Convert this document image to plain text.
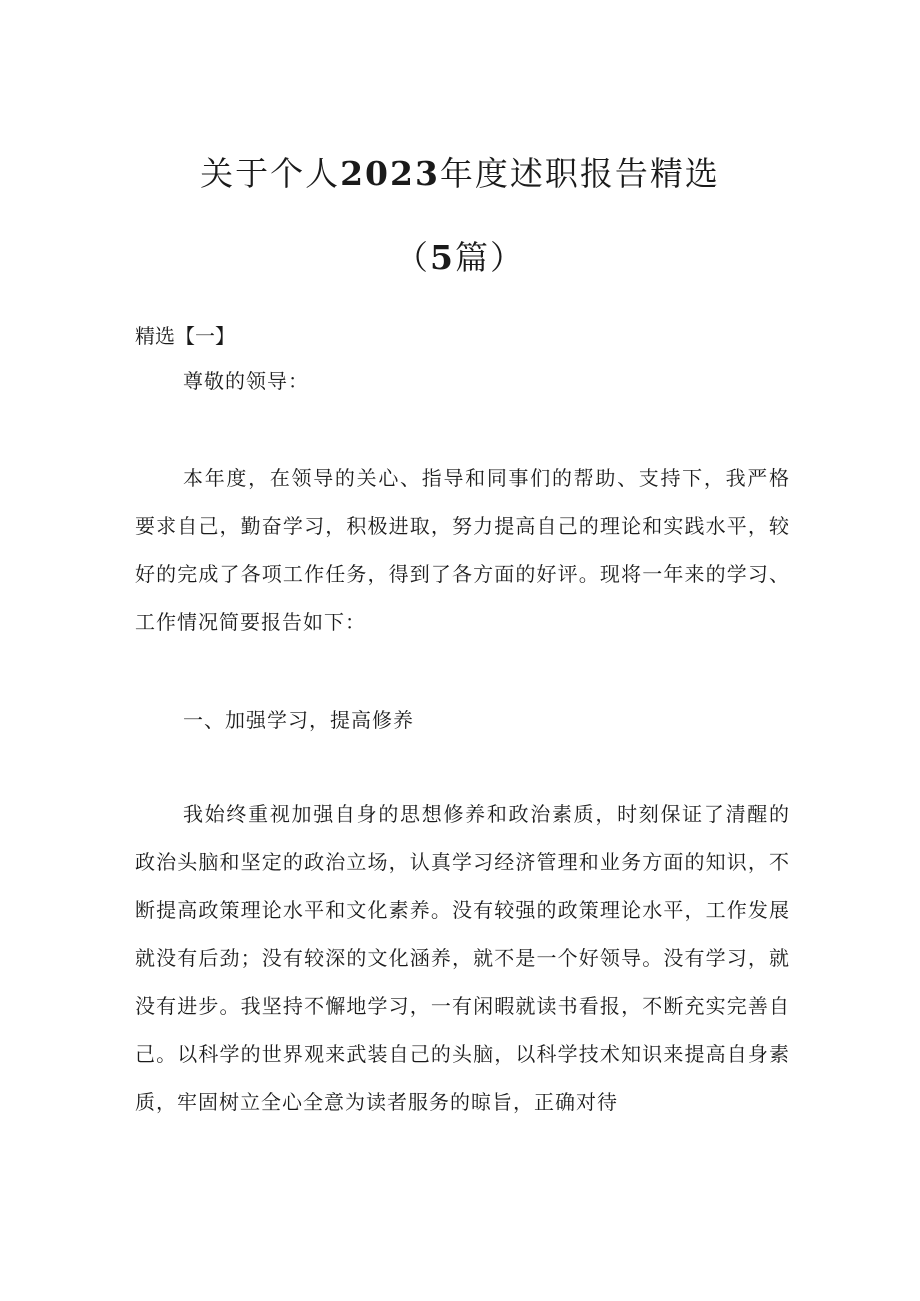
关于个人2023年度述职报告精选
（5篇）
精选【一】
尊敬的领导：
本年度，在领导的关心、指导和同事们的帮助、支持下，我严格要求自己，勤奋学习，积极进取，努力提高自己的理论和实践水平，较好的完成了各项工作任务，得到了各方面的好评。现将一年来的学习、工作情况简要报告如下：
一、加强学习，提高修养
我始终重视加强自身的思想修养和政治素质，时刻保证了清醒的政治头脑和坚定的政治立场，认真学习经济管理和业务方面的知识，不断提高政策理论水平和文化素养。没有较强的政策理论水平，工作发展就没有后劲；没有较深的文化涵养，就不是一个好领导。没有学习，就没有进步。我坚持不懈地学习，一有闲暇就读书看报，不断充实完善自己。以科学的世界观来武装自己的头脑，以科学技术知识来提高自身素质，牢固树立全心全意为读者服务的晾旨，正确对待
